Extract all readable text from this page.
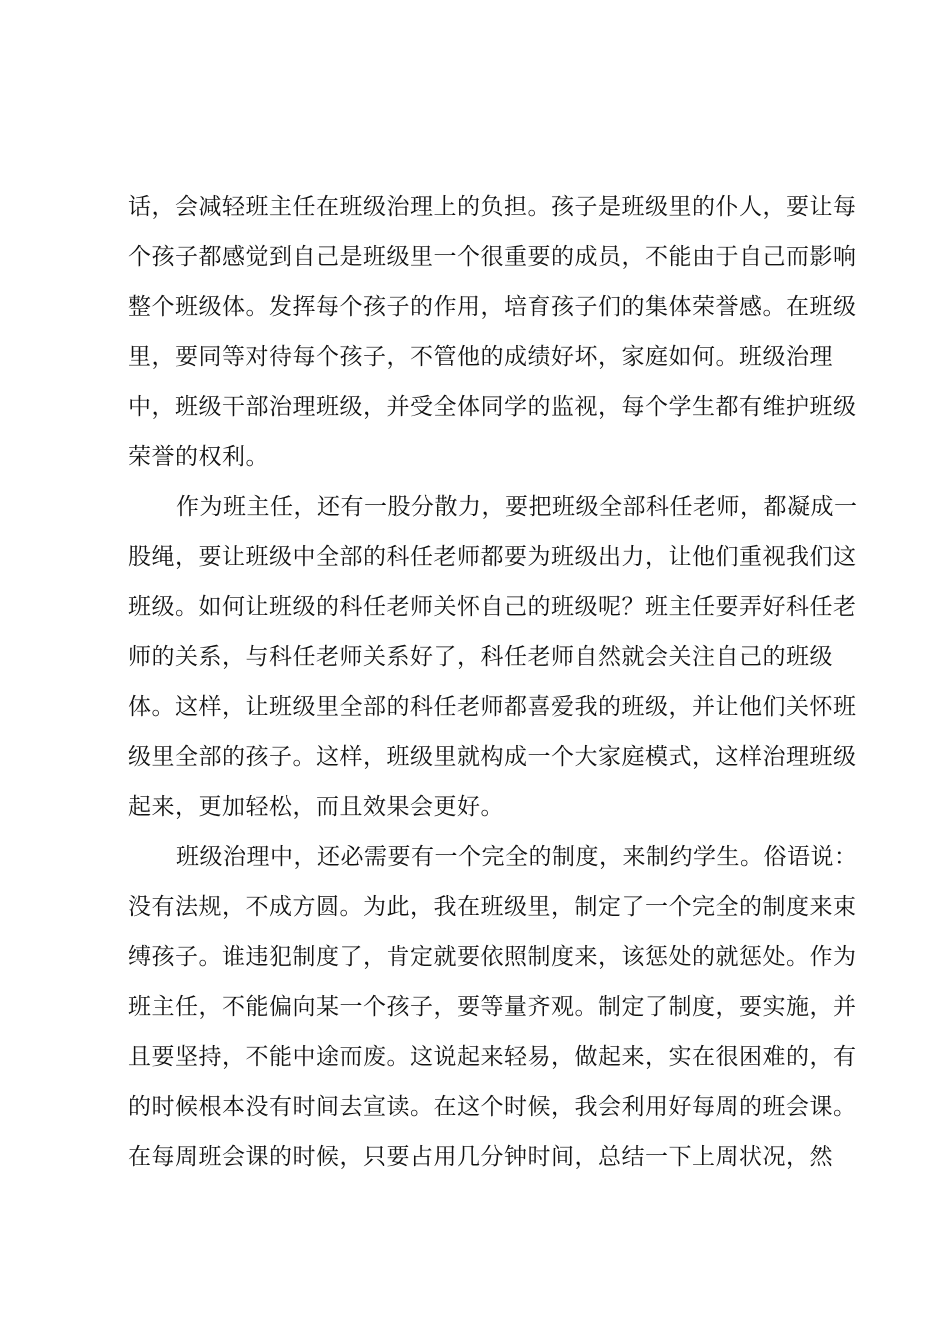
话，会减轻班主任在班级治理上的负担。孩子是班级里的仆人，要让每
个孩子都感觉到自己是班级里一个很重要的成员，不能由于自己而影响
整个班级体。发挥每个孩子的作用，培育孩子们的集体荣誉感。在班级
里，要同等对待每个孩子，不管他的成绩好坏，家庭如何。班级治理
中，班级干部治理班级，并受全体同学的监视，每个学生都有维护班级
荣誉的权利。
作为班主任，还有一股分散力，要把班级全部科任老师，都凝成一
股绳，要让班级中全部的科任老师都要为班级出力，让他们重视我们这
班级。如何让班级的科任老师关怀自己的班级呢？班主任要弄好科任老
师的关系，与科任老师关系好了，科任老师自然就会关注自己的班级
体。这样，让班级里全部的科任老师都喜爱我的班级，并让他们关怀班
级里全部的孩子。这样，班级里就构成一个大家庭模式，这样治理班级
起来，更加轻松，而且效果会更好。
班级治理中，还必需要有一个完全的制度，来制约学生。俗语说：
没有法规，不成方圆。为此，我在班级里，制定了一个完全的制度来束
缚孩子。谁违犯制度了，肯定就要依照制度来，该惩处的就惩处。作为
班主任，不能偏向某一个孩子，要等量齐观。制定了制度，要实施，并
且要坚持，不能中途而废。这说起来轻易，做起来，实在很困难的，有
的时候根本没有时间去宣读。在这个时候，我会利用好每周的班会课。
在每周班会课的时候，只要占用几分钟时间，总结一下上周状况，然
